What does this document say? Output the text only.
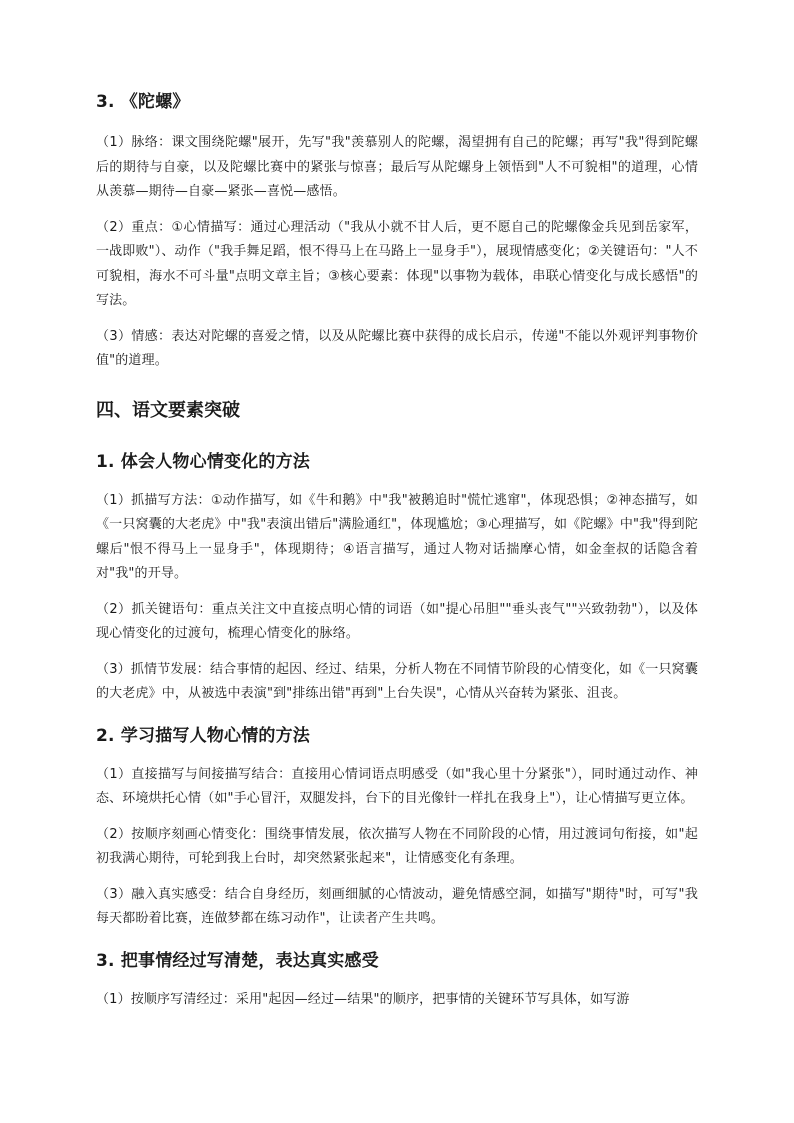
3. 《陀螺》

（1）脉络：课文围绕陀螺"展开，先写"我"羡慕别人的陀螺，渴望拥有自己的陀螺；再写"我"得到陀螺后的期待与自豪，以及陀螺比赛中的紧张与惊喜；最后写从陀螺身上领悟到"人不可貌相"的道理，心情从羡慕—期待—自豪—紧张—喜悦—感悟。

（2）重点：①心情描写：通过心理活动（"我从小就不甘人后，更不愿自己的陀螺像金兵见到岳家军，一战即败"）、动作（"我手舞足蹈，恨不得马上在马路上一显身手"），展现情感变化；②关键语句："人不可貌相，海水不可斗量"点明文章主旨；③核心要素：体现"以事物为载体，串联心情变化与成长感悟"的写法。

（3）情感：表达对陀螺的喜爱之情，以及从陀螺比赛中获得的成长启示，传递"不能以外观评判事物价值"的道理。

四、语文要素突破
1. 体会人物心情变化的方法

（1）抓描写方法：①动作描写，如《牛和鹅》中"我"被鹅追时"慌忙逃窜"，体现恐惧；②神态描写，如《一只窝囊的大老虎》中"我"表演出错后"满脸通红"，体现尴尬；③心理描写，如《陀螺》中"我"得到陀螺后"恨不得马上一显身手"，体现期待；④语言描写，通过人物对话揣摩心情，如金奎叔的话隐含着对"我"的开导。

（2）抓关键语句：重点关注文中直接点明心情的词语（如"提心吊胆""垂头丧气""兴致勃勃"），以及体现心情变化的过渡句，梳理心情变化的脉络。

（3）抓情节发展：结合事情的起因、经过、结果，分析人物在不同情节阶段的心情变化，如《一只窝囊的大老虎》中，从被选中表演"到"排练出错"再到"上台失误"，心情从兴奋转为紧张、沮丧。

2. 学习描写人物心情的方法

（1）直接描写与间接描写结合：直接用心情词语点明感受（如"我心里十分紧张"），同时通过动作、神态、环境烘托心情（如"手心冒汗，双腿发抖，台下的目光像针一样扎在我身上"），让心情描写更立体。

（2）按顺序刻画心情变化：围绕事情发展，依次描写人物在不同阶段的心情，用过渡词句衔接，如"起初我满心期待，可轮到我上台时，却突然紧张起来"，让情感变化有条理。

（3）融入真实感受：结合自身经历，刻画细腻的心情波动，避免情感空洞，如描写"期待"时，可写"我每天都盼着比赛，连做梦都在练习动作"，让读者产生共鸣。

3. 把事情经过写清楚，表达真实感受

（1）按顺序写清经过：采用"起因—经过—结果"的顺序，把事情的关键环节写具体，如写游
